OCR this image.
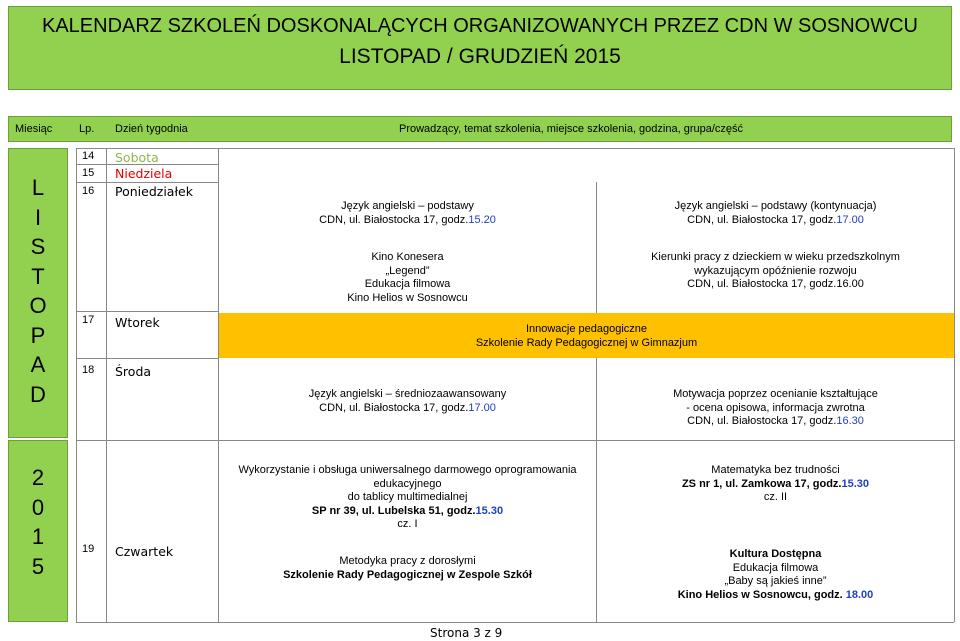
KALENDARZ SZKOLEŃ DOSKONALĄCYCH ORGANIZOWANYCH PRZEZ CDN W SOSNOWCU
LISTOPAD / GRUDZIEŃ 2015
Miesiąc Lp. Dzień tygodnia	Prowadzący, temat szkolenia, miejsce szkolenia, godzina, grupa/część
L
I
S
T
O
P
A
D
2
0
1
5
14 Sobota
15 Niedziela
16 Poniedziałek
17 Wtorek
18 Środa
19 Czwartek
Język angielski – podstawy
CDN, ul. Białostocka 17, godz.15.20
Język angielski – podstawy (kontynuacja)
CDN, ul. Białostocka 17, godz.17.00
Kino Konesera
„Legend”
Edukacja filmowa
Kino Helios w Sosnowcu
Kierunki pracy z dzieckiem w wieku przedszkolnym
wykazującym opóźnienie rozwoju
CDN, ul. Białostocka 17, godz.16.00
Innowacje pedagogiczne
Szkolenie Rady Pedagogicznej w Gimnazjum
Język angielski – średniozaawansowany
CDN, ul. Białostocka 17, godz.17.00
Motywacja poprzez ocenianie kształtujące
- ocena opisowa, informacja zwrotna
CDN, ul. Białostocka 17, godz.16.30
Wykorzystanie i obsługa uniwersalnego darmowego oprogramowania
edukacyjnego
do tablicy multimedialnej
SP nr 39, ul. Lubelska 51, godz.15.30
cz. I
Matematyka bez trudności
ZS nr 1, ul. Zamkowa 17, godz.15.30
cz. II
Metodyka pracy z dorosłymi
Szkolenie Rady Pedagogicznej w Zespole Szkół
Kultura Dostępna
Edukacja filmowa
„Baby są jakieś inne”
Kino Helios w Sosnowcu, godz. 18.00
Strona 3 z 9
